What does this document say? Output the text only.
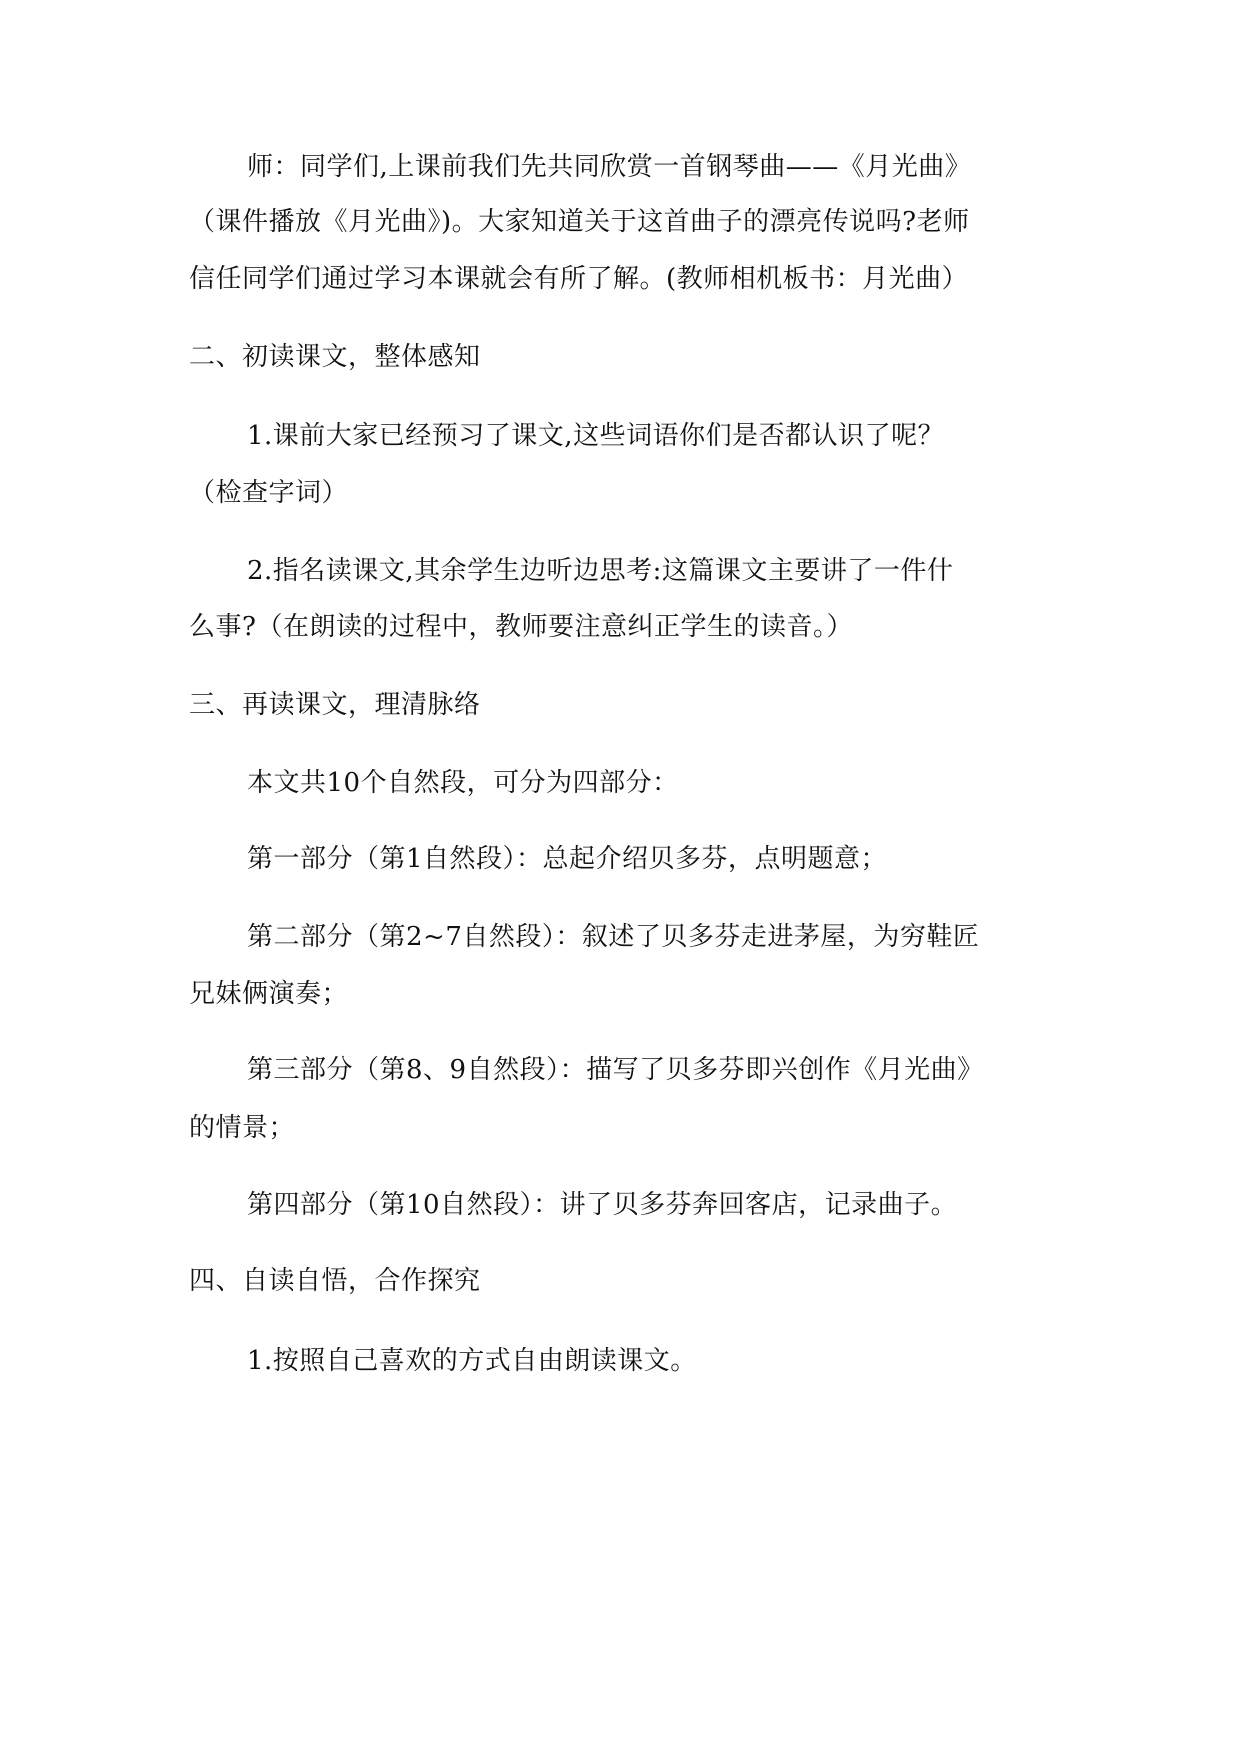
师：同学们,上课前我们先共同欣赏一首钢琴曲——《月光曲》
（课件播放《月光曲》)。大家知道关于这首曲子的漂亮传说吗?老师
信任同学们通过学习本课就会有所了解。(教师相机板书：月光曲）
二、初读课文，整体感知
1.课前大家已经预习了课文,这些词语你们是否都认识了呢？
（检查字词）
2.指名读课文,其余学生边听边思考:这篇课文主要讲了一件什
么事?（在朗读的过程中，教师要注意纠正学生的读音。）
三、再读课文，理清脉络
本文共10个自然段，可分为四部分：
第一部分（第1自然段）：总起介绍贝多芬，点明题意；
第二部分（第2~7自然段）：叙述了贝多芬走进茅屋，为穷鞋匠
兄妹俩演奏；
第三部分（第8、9自然段）：描写了贝多芬即兴创作《月光曲》
的情景；
第四部分（第10自然段）：讲了贝多芬奔回客店，记录曲子。
四、自读自悟，合作探究
1.按照自己喜欢的方式自由朗读课文。
